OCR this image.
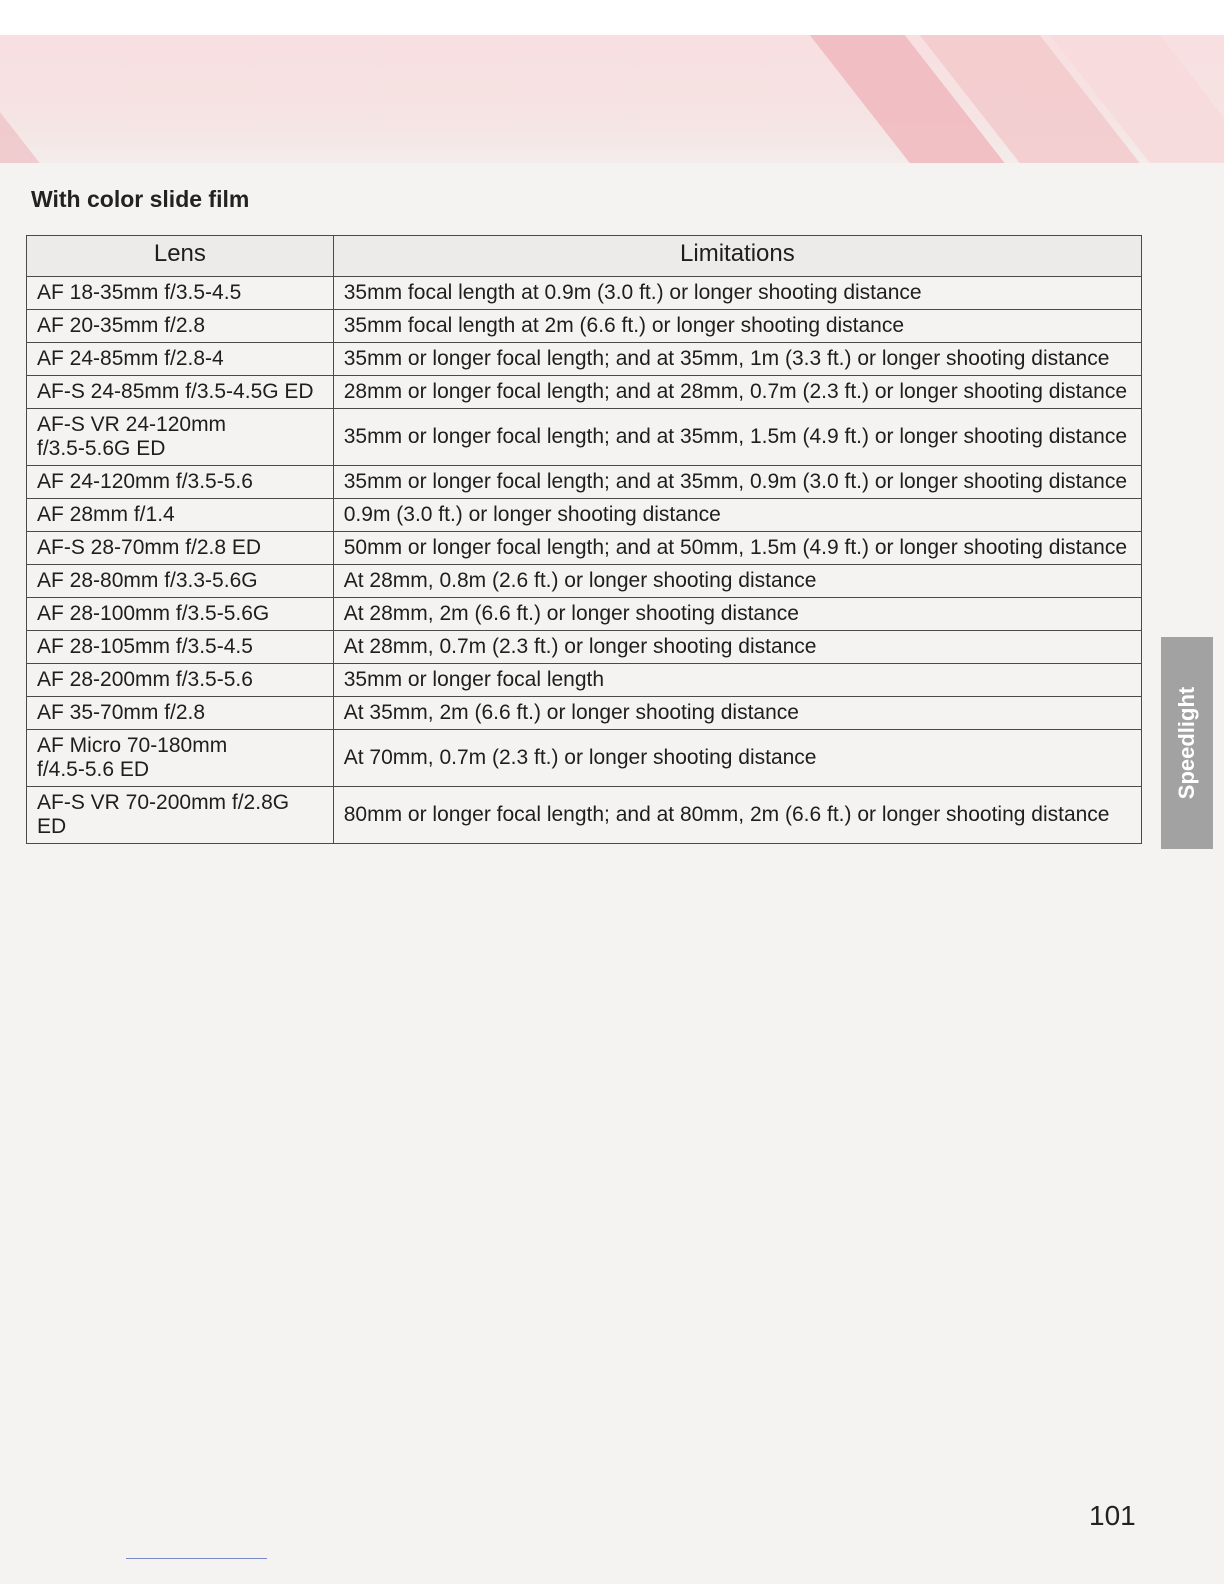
With color slide film
Lens	Limitations
AF 18-35mm f/3.5-4.5	35mm focal length at 0.9m (3.0 ft.) or longer shooting distance
AF 20-35mm f/2.8	35mm focal length at 2m (6.6 ft.) or longer shooting distance
AF 24-85mm f/2.8-4	35mm or longer focal length; and at 35mm, 1m (3.3 ft.) or longer shooting distance
AF-S 24-85mm f/3.5-4.5G ED	28mm or longer focal length; and at 28mm, 0.7m (2.3 ft.) or longer shooting distance
AF-S VR 24-120mm
f/3.5-5.6G ED	35mm or longer focal length; and at 35mm, 1.5m (4.9 ft.) or longer shooting distance
AF 24-120mm f/3.5-5.6	35mm or longer focal length; and at 35mm, 0.9m (3.0 ft.) or longer shooting distance
AF 28mm f/1.4	0.9m (3.0 ft.) or longer shooting distance
AF-S 28-70mm f/2.8 ED	50mm or longer focal length; and at 50mm, 1.5m (4.9 ft.) or longer shooting distance
AF 28-80mm f/3.3-5.6G	At 28mm, 0.8m (2.6 ft.) or longer shooting distance
AF 28-100mm f/3.5-5.6G	At 28mm, 2m (6.6 ft.) or longer shooting distance
AF 28-105mm f/3.5-4.5	At 28mm, 0.7m (2.3 ft.) or longer shooting distance
AF 28-200mm f/3.5-5.6	35mm or longer focal length
AF 35-70mm f/2.8	At 35mm, 2m (6.6 ft.) or longer shooting distance
AF Micro 70-180mm
f/4.5-5.6 ED	At 70mm, 0.7m (2.3 ft.) or longer shooting distance
AF-S VR 70-200mm f/2.8G ED	80mm or longer focal length; and at 80mm, 2m (6.6 ft.) or longer shooting distance
Speedlight
101
